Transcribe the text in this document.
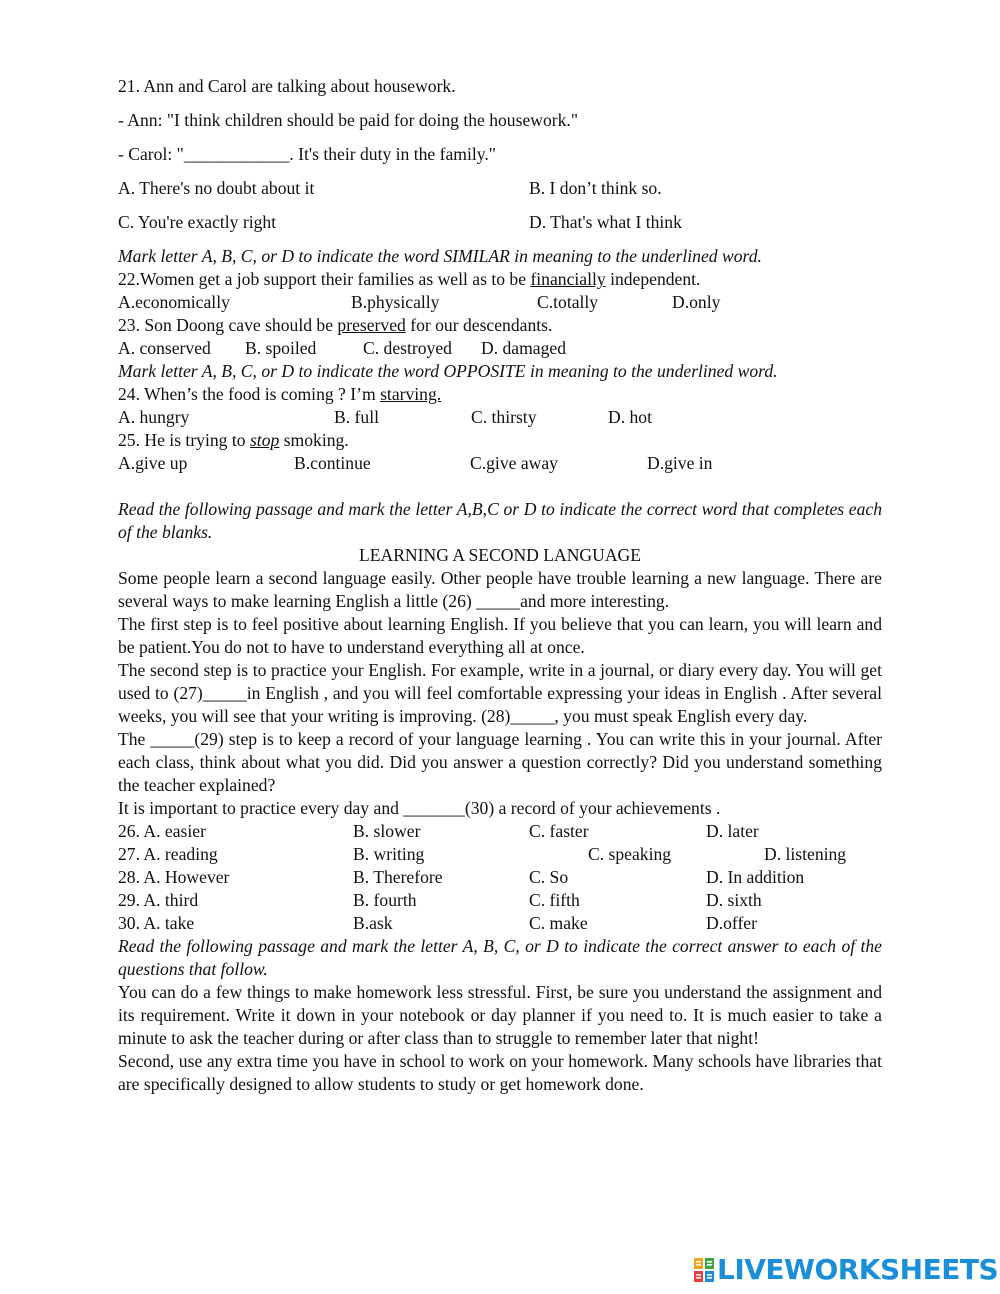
21. Ann and Carol are talking about housework.
- Ann: "I think children should be paid for doing the housework."
- Carol: "____________. It's their duty in the family."
A. There's no doubt about it	B. I don’t think so.
C. You're exactly right	D. That's what I think
Mark letter A, B, C, or D to indicate the word SIMILAR in meaning to the underlined word.
22.Women get a job support their families as well as to be financially independent.
A.economically	B.physically	C.totally	D.only
23. Son Doong cave should be preserved for our descendants.
A. conserved	B. spoiled	C. destroyed	D. damaged
Mark letter A, B, C, or D to indicate the word OPPOSITE in meaning to the underlined word.
24. When’s the food is coming ? I’m starving.
A. hungry	B. full	C. thirsty	D. hot
25. He is trying to stop smoking.
A.give up	B.continue	C.give away	D.give in
Read the following passage and mark the letter A,B,C or D to indicate the correct word that completes each of the blanks.
LEARNING A SECOND LANGUAGE
Some people learn a second language easily. Other people have trouble learning a new language. There are several ways to make learning English a little (26) _____and more interesting.
The first step is to feel positive about learning English. If you believe that you can learn, you will learn and be patient.You do not to have to understand everything all at once.
The second step is to practice your English. For example, write in a journal, or diary every day. You will get used to (27)_____in English , and you will feel comfortable expressing your ideas in English . After several weeks, you will see that your writing is improving. (28)_____, you must speak English every day.
The _____(29) step is to keep a record of your language learning . You can write this in your journal. After each class, think about what you did. Did you answer a question correctly? Did you understand something the teacher explained?
It is important to practice every day and _______(30) a record of your achievements .
26. A. easier	B. slower	C. faster	D. later
27. A. reading	B. writing	C. speaking	D. listening
28. A. However	B. Therefore	C. So	D. In addition
29. A. third	B. fourth	C. fifth	D. sixth
30. A. take	B.ask	C. make	D.offer
Read the following passage and mark the letter A, B, C, or D to indicate the correct answer to each of the questions that follow.
You can do a few things to make homework less stressful. First, be sure you understand the assignment and its requirement. Write it down in your notebook or day planner if you need to. It is much easier to take a minute to ask the teacher during or after class than to struggle to remember later that night!
Second, use any extra time you have in school to work on your homework. Many schools have libraries that are specifically designed to allow students to study or get homework done.
LIVEWORKSHEETS
